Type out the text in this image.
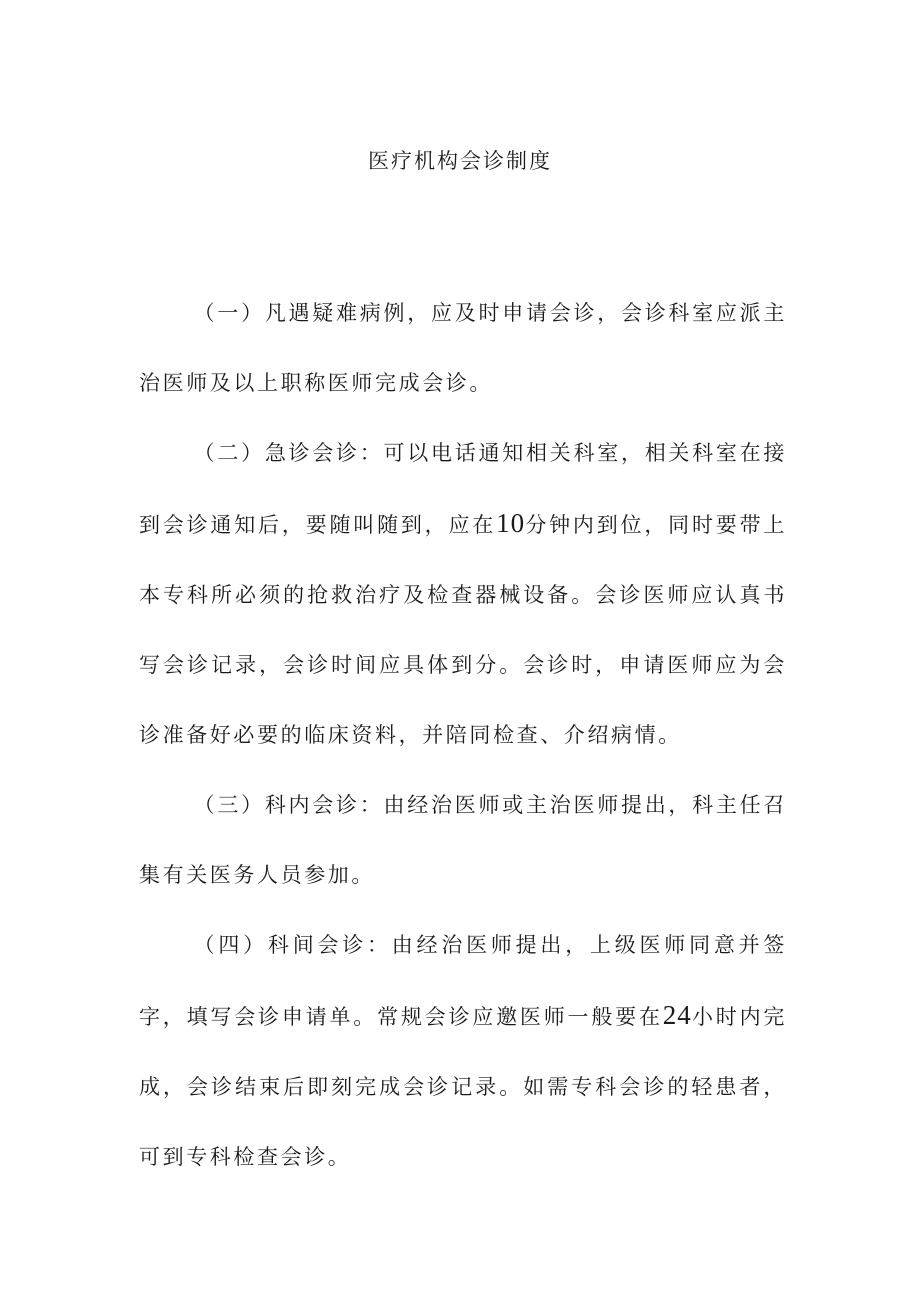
医疗机构会诊制度

（一）凡遇疑难病例，应及时申请会诊，会诊科室应派主治医师及以上职称医师完成会诊。

（二）急诊会诊：可以电话通知相关科室，相关科室在接到会诊通知后，要随叫随到，应在10分钟内到位，同时要带上本专科所必须的抢救治疗及检查器械设备。会诊医师应认真书写会诊记录，会诊时间应具体到分。会诊时，申请医师应为会诊准备好必要的临床资料，并陪同检查、介绍病情。

（三）科内会诊：由经治医师或主治医师提出，科主任召集有关医务人员参加。

（四）科间会诊：由经治医师提出，上级医师同意并签字，填写会诊申请单。常规会诊应邀医师一般要在24小时内完成，会诊结束后即刻完成会诊记录。如需专科会诊的轻患者，可到专科检查会诊。
